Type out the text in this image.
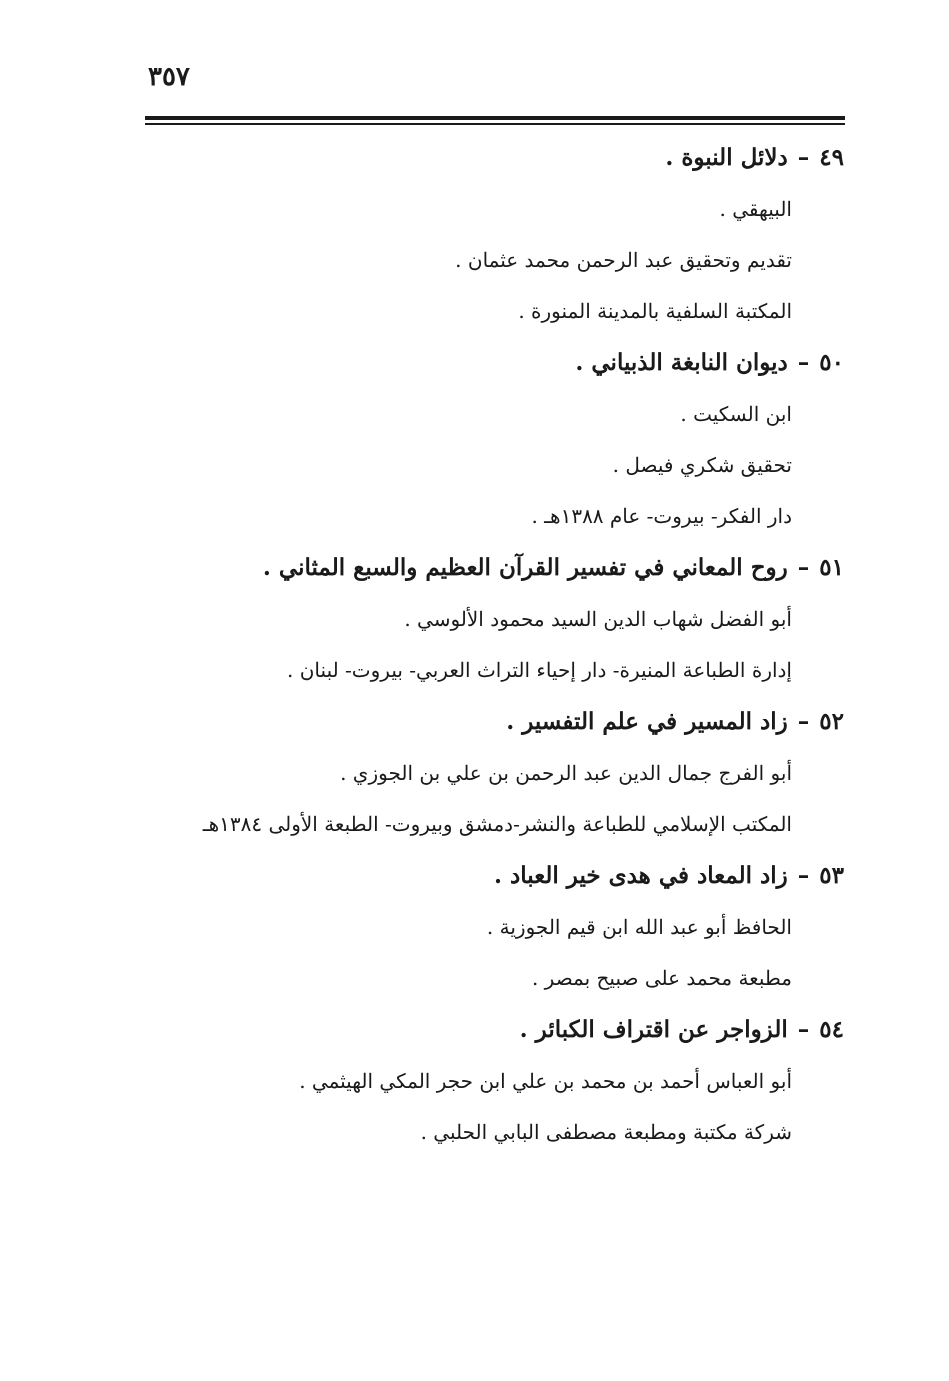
٣٥٧
٤٩–دلائل النبوة .
البيهقي .
تقديم وتحقيق عبد الرحمن محمد عثمان .
المكتبة السلفية بالمدينة المنورة .
٥٠–ديوان النابغة الذبياني .
ابن السكيت .
تحقيق شكري فيصل .
دار الفكر- بيروت- عام ١٣٨٨هـ .
٥١–روح المعاني في تفسير القرآن العظيم والسبع المثاني .
أبو الفضل شهاب الدين السيد محمود الألوسي .
إدارة الطباعة المنيرة- دار إحياء التراث العربي- بيروت- لبنان .
٥٢–زاد المسير في علم التفسير .
أبو الفرج جمال الدين عبد الرحمن بن علي بن الجوزي .
المكتب الإسلامي للطباعة والنشر-دمشق وبيروت- الطبعة الأولى ١٣٨٤هـ
٥٣–زاد المعاد في هدى خير العباد .
الحافظ أبو عبد الله ابن قيم الجوزية .
مطبعة محمد على صبيح بمصر .
٥٤–الزواجر عن اقتراف الكبائر .
أبو العباس أحمد بن محمد بن علي ابن حجر المكي الهيثمي .
شركة مكتبة ومطبعة مصطفى البابي الحلبي .
